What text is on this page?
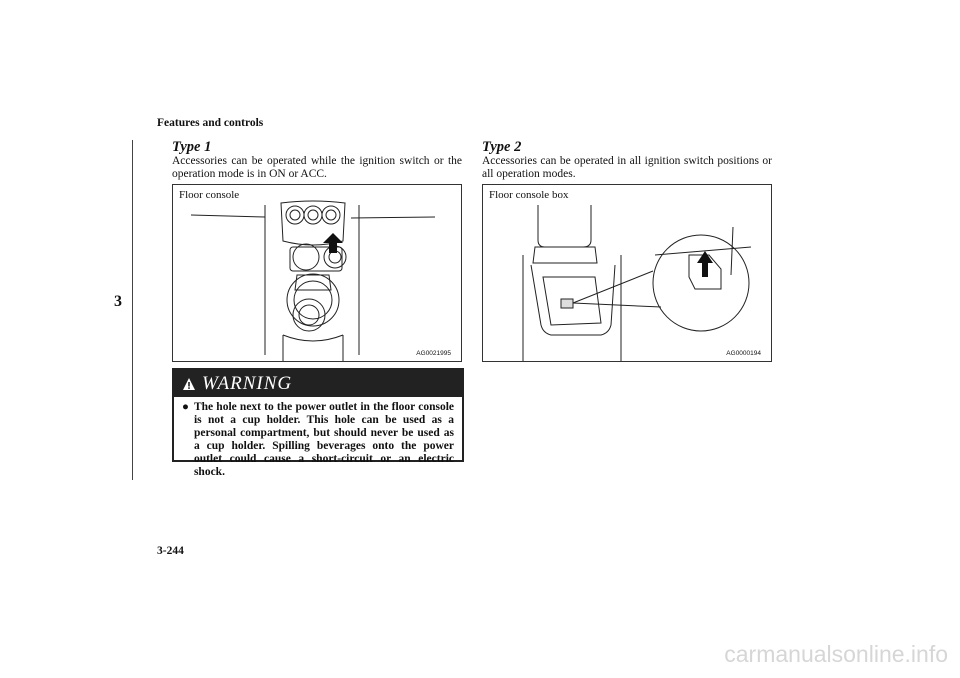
Features and controls
3
Type 1
Accessories can be operated while the ignition switch or the operation mode is in ON or ACC.
Floor console
AG0021995
WARNING
● The hole next to the power outlet in the floor console is not a cup holder. This hole can be used as a personal compartment, but should never be used as a cup holder. Spilling beverages onto the power outlet could cause a short-circuit or an electric shock.
Type 2
Accessories can be operated in all ignition switch positions or all operation modes.
Floor console box
AG0000194
3-244
carmanualsonline.info
